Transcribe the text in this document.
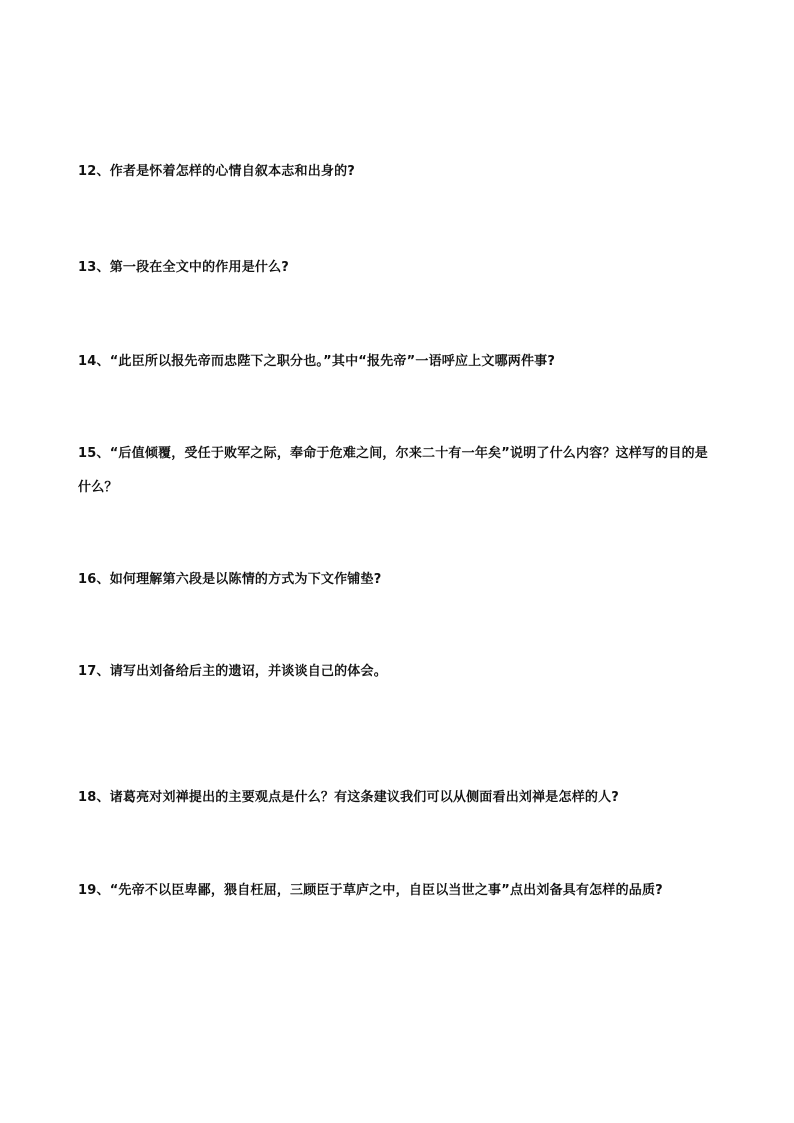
12、作者是怀着怎样的心情自叙本志和出身的?
13、第一段在全文中的作用是什么?
14、“此臣所以报先帝而忠陛下之职分也。”其中“报先帝”一语呼应上文哪两件事?
15、“后值倾覆，受任于败军之际，奉命于危难之间，尔来二十有一年矣”说明了什么内容？这样写的目的是什么？
16、如何理解第六段是以陈情的方式为下文作铺垫?
17、请写出刘备给后主的遗诏，并谈谈自己的体会。
18、诸葛亮对刘禅提出的主要观点是什么？有这条建议我们可以从侧面看出刘禅是怎样的人?
19、“先帝不以臣卑鄙，猥自枉屈，三顾臣于草庐之中，自臣以当世之事”点出刘备具有怎样的品质?
